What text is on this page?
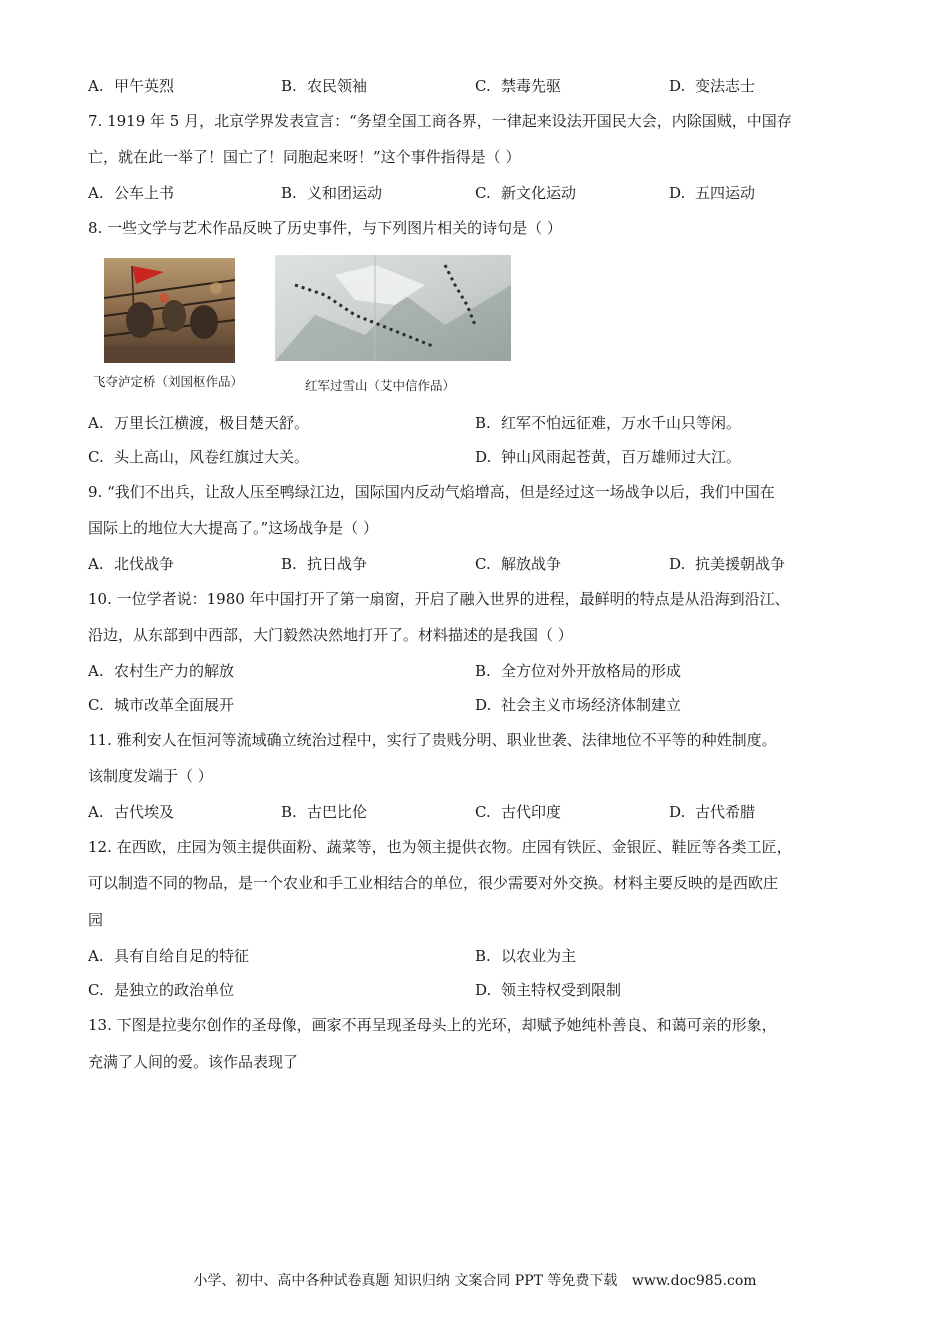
A. 甲午英烈	B. 农民领袖	C. 禁毒先驱	D. 变法志士
7. 1919 年 5 月，北京学界发表宣言：“务望全国工商各界，一律起来设法开国民大会，内除国贼，中国存
亡，就在此一举了！国亡了！同胞起来呀！”这个事件指得是（ ）
A. 公车上书	B. 义和团运动	C. 新文化运动	D. 五四运动
8. 一些文学与艺术作品反映了历史事件，与下列图片相关的诗句是（ ）
飞夺泸定桥（刘国枢作品）	红军过雪山（艾中信作品）
A. 万里长江横渡，极目楚天舒。	B. 红军不怕远征难，万水千山只等闲。
C. 头上高山，风卷红旗过大关。	D. 钟山风雨起苍黄，百万雄师过大江。
9. “我们不出兵，让敌人压至鸭绿江边，国际国内反动气焰增高，但是经过这一场战争以后，我们中国在
国际上的地位大大提高了。”这场战争是（ ）
A. 北伐战争	B. 抗日战争	C. 解放战争	D. 抗美援朝战争
10. 一位学者说：1980 年中国打开了第一扇窗，开启了融入世界的进程，最鲜明的特点是从沿海到沿江、
沿边，从东部到中西部，大门毅然决然地打开了。材料描述的是我国（ ）
A. 农村生产力的解放	B. 全方位对外开放格局的形成
C. 城市改革全面展开	D. 社会主义市场经济体制建立
11. 雅利安人在恒河等流域确立统治过程中，实行了贵贱分明、职业世袭、法律地位不平等的种姓制度。
该制度发端于（ ）
A. 古代埃及	B. 古巴比伦	C. 古代印度	D. 古代希腊
12. 在西欧，庄园为领主提供面粉、蔬菜等，也为领主提供衣物。庄园有铁匠、金银匠、鞋匠等各类工匠，
可以制造不同的物品，是一个农业和手工业相结合的单位，很少需要对外交换。材料主要反映的是西欧庄
园
A. 具有自给自足的特征	B. 以农业为主
C. 是独立的政治单位	D. 领主特权受到限制
13. 下图是拉斐尔创作的圣母像，画家不再呈现圣母头上的光环，却赋予她纯朴善良、和蔼可亲的形象，
充满了人间的爱。该作品表现了
小学、初中、高中各种试卷真题 知识归纳 文案合同 PPT 等免费下载 www.doc985.com
